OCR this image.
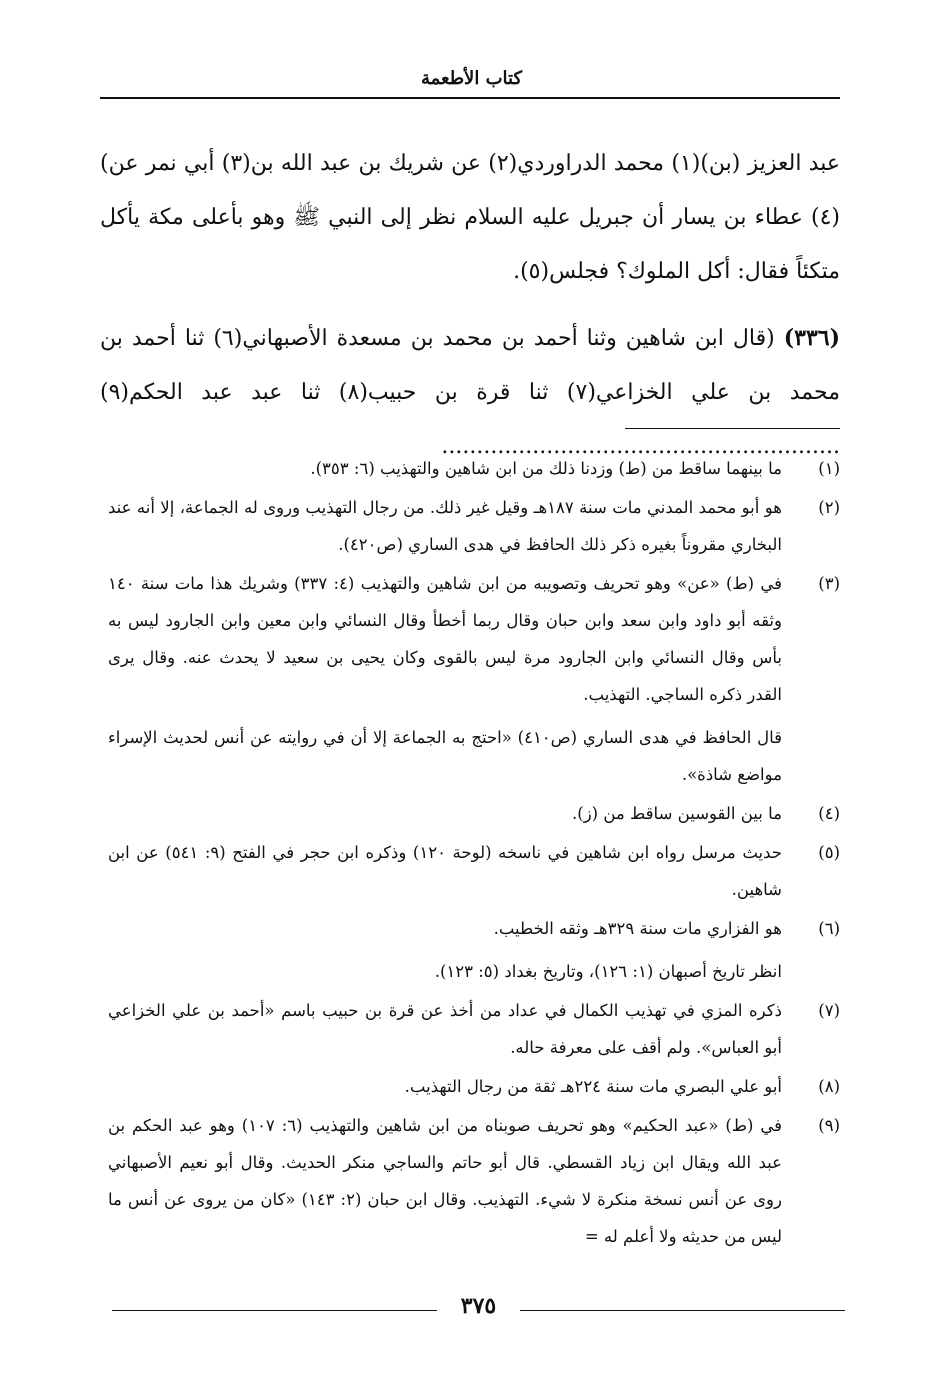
كتاب الأطعمة

عبد العزيز (بن)(١) محمد الدراوردي(٢) عن شريك بن عبد الله بن(٣) أبي نمر عن)(٤) عطاء بن يسار أن جبريل عليه السلام نظر إلى النبي ﷺ وهو بأعلى مكة يأكل متكئاً فقال: أكل الملوك؟ فجلس(٥).

(٣٣٦) (قال ابن شاهين وثنا أحمد بن محمد بن مسعدة الأصبهاني(٦) ثنا أحمد بن محمد بن علي الخزاعي(٧) ثنا قرة بن حبيب(٨) ثنا عبد عبد الحكم(٩) .........................................................

(١)

ما بينهما ساقط من (ط) وزدنا ذلك من ابن شاهين والتهذيب (٦: ٣٥٣).

(٢)

هو أبو محمد المدني مات سنة ١٨٧هـ وقيل غير ذلك. من رجال التهذيب وروى له الجماعة، إلا أنه عند البخاري مقروناً بغيره ذكر ذلك الحافظ في هدى الساري (ص٤٢٠).

(٣)

في (ط) «عن» وهو تحريف وتصويبه من ابن شاهين والتهذيب (٤: ٣٣٧) وشريك هذا مات سنة ١٤٠ وثقه أبو داود وابن سعد وابن حبان وقال ربما أخطأ وقال النسائي وابن معين وابن الجارود ليس به بأس وقال النسائي وابن الجارود مرة ليس بالقوى وكان يحيى بن سعيد لا يحدث عنه. وقال يرى القدر ذكره الساجي. التهذيب.

قال الحافظ في هدى الساري (ص٤١٠) «احتج به الجماعة إلا أن في روايته عن أنس لحديث الإسراء مواضع شاذة».

(٤)

ما بين القوسين ساقط من (ز).

(٥)

حديث مرسل رواه ابن شاهين في ناسخه (لوحة ١٢٠) وذكره ابن حجر في الفتح (٩: ٥٤١) عن ابن شاهين.

(٦)

هو الفزاري مات سنة ٣٢٩هـ وثقه الخطيب.

انظر تاريخ أصبهان (١: ١٢٦)، وتاريخ بغداد (٥: ١٢٣).

(٧)

ذكره المزي في تهذيب الكمال في عداد من أخذ عن قرة بن حبيب باسم «أحمد بن علي الخزاعي أبو العباس». ولم أقف على معرفة حاله.

(٨)

أبو علي البصري مات سنة ٢٢٤هـ ثقة من رجال التهذيب.

(٩)

في (ط) «عبد الحكيم» وهو تحريف صوبناه من ابن شاهين والتهذيب (٦: ١٠٧) وهو عبد الحكم بن عبد الله ويقال ابن زياد القسطي. قال أبو حاتم والساجي منكر الحديث. وقال أبو نعيم الأصبهاني روى عن أنس نسخة منكرة لا شيء. التهذيب. وقال ابن حبان (٢: ١٤٣) «كان من يروى عن أنس ما ليس من حديثه ولا أعلم له =

٣٧٥
